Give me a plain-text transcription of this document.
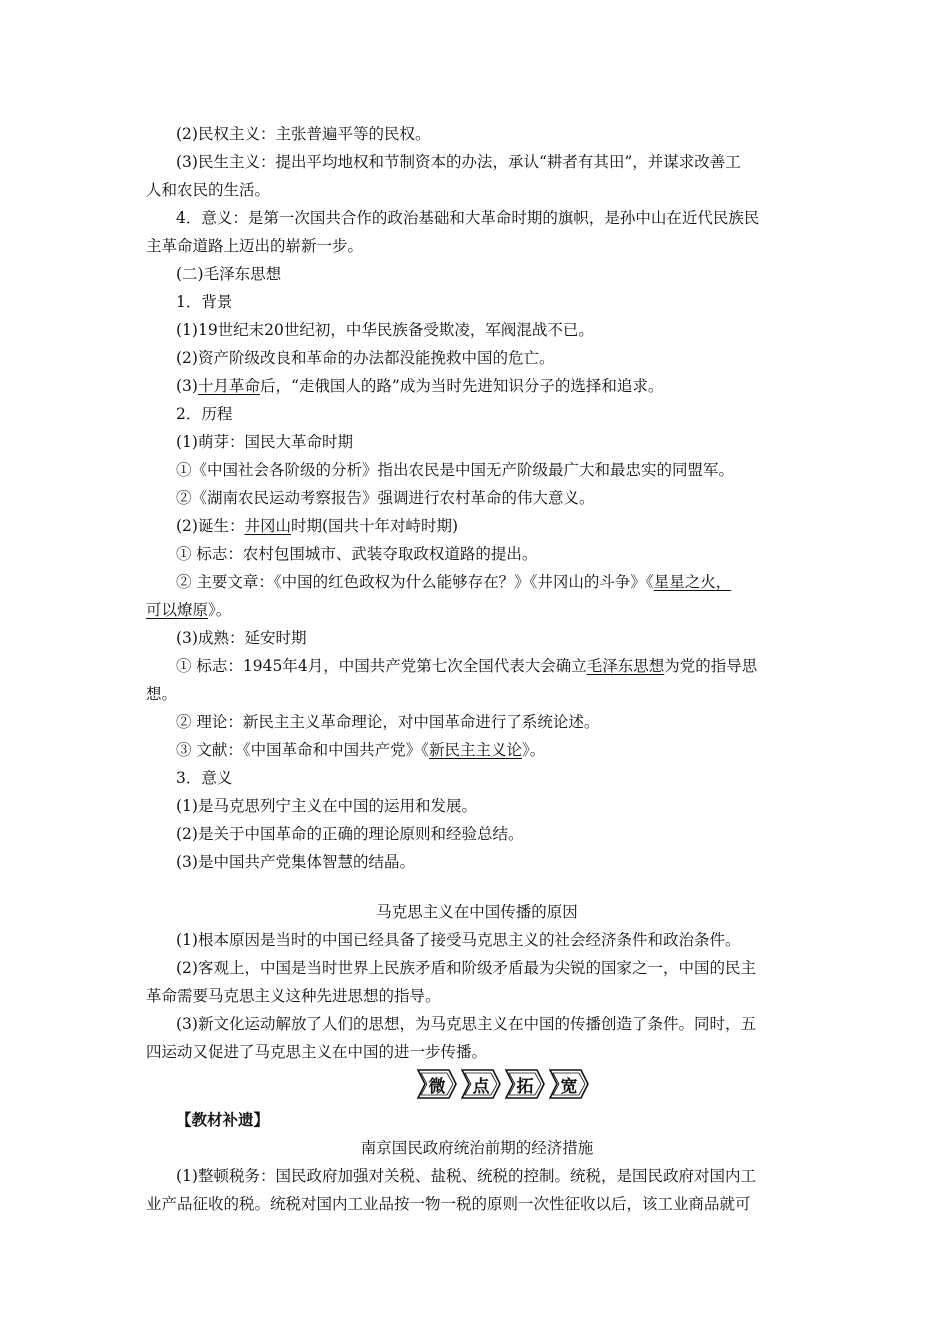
(2)民权主义：主张普遍平等的民权。
(3)民生主义：提出平均地权和节制资本的办法，承认“耕者有其田”，并谋求改善工
人和农民的生活。
4．意义：是第一次国共合作的政治基础和大革命时期的旗帜，是孙中山在近代民族民
主革命道路上迈出的崭新一步。
(二)毛泽东思想
1．背景
(1)19世纪末20世纪初，中华民族备受欺凌，军阀混战不已。
(2)资产阶级改良和革命的办法都没能挽救中国的危亡。
(3)十月革命后，“走俄国人的路”成为当时先进知识分子的选择和追求。
2．历程
(1)萌芽：国民大革命时期
①《中国社会各阶级的分析》指出农民是中国无产阶级最广大和最忠实的同盟军。
②《湖南农民运动考察报告》强调进行农村革命的伟大意义。
(2)诞生：井冈山时期(国共十年对峙时期)
① 标志：农村包围城市、武装夺取政权道路的提出。
② 主要文章：《中国的红色政权为什么能够存在？》《井冈山的斗争》《星星之火，
可以燎原》。
(3)成熟：延安时期
① 标志：1945年4月，中国共产党第七次全国代表大会确立毛泽东思想为党的指导思
想。
② 理论：新民主主义革命理论，对中国革命进行了系统论述。
③ 文献：《中国革命和中国共产党》《新民主主义论》。
3．意义
(1)是马克思列宁主义在中国的运用和发展。
(2)是关于中国革命的正确的理论原则和经验总结。
(3)是中国共产党集体智慧的结晶。
马克思主义在中国传播的原因
(1)根本原因是当时的中国已经具备了接受马克思主义的社会经济条件和政治条件。
(2)客观上，中国是当时世界上民族矛盾和阶级矛盾最为尖锐的国家之一，中国的民主
革命需要马克思主义这种先进思想的指导。
(3)新文化运动解放了人们的思想，为马克思主义在中国的传播创造了条件。同时，五
四运动又促进了马克思主义在中国的进一步传播。
微	点	拓	宽
【教材补遗】
南京国民政府统治前期的经济措施
(1)整顿税务：国民政府加强对关税、盐税、统税的控制。统税，是国民政府对国内工
业产品征收的税。统税对国内工业品按一物一税的原则一次性征收以后，该工业商品就可
